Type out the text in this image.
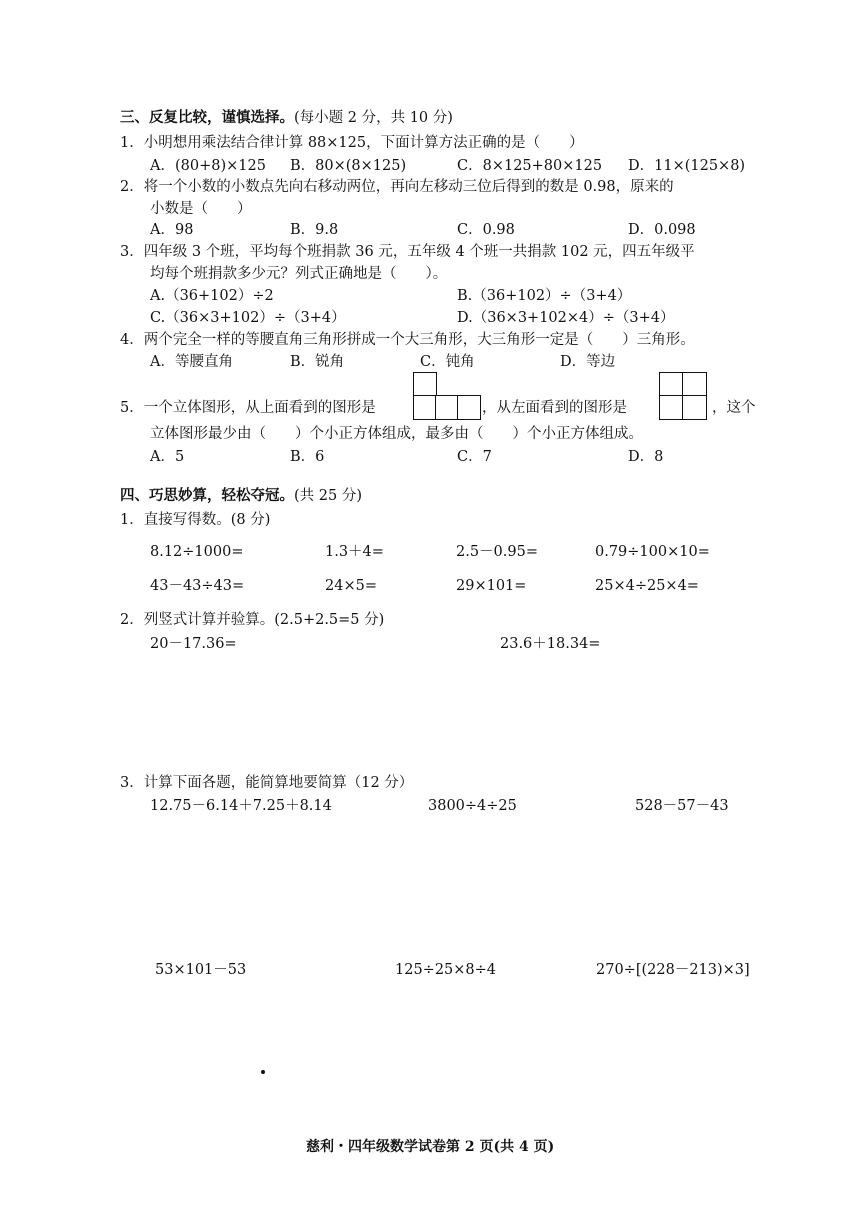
三、反复比较，谨慎选择。(每小题 2 分，共 10 分)
1．小明想用乘法结合律计算 88×125，下面计算方法正确的是（　　）
A．(80+8)×125 B．80×(8×125)	C．8×125+80×125 D．11×(125×8)
2．将一个小数的小数点先向右移动两位，再向左移动三位后得到的数是 0.98，原来的
小数是（　　）
A．98	B．9.8	C．0.98	D．0.098
3．四年级 3 个班，平均每个班捐款 36 元，五年级 4 个班一共捐款 102 元，四五年级平
均每个班捐款多少元？列式正确地是（　　）。
A.（36+102）÷2	B.（36+102）÷（3+4）
C.（36×3+102）÷（3+4）	D.（36×3+102×4）÷（3+4）
4．两个完全一样的等腰直角三角形拼成一个大三角形，大三角形一定是（　　）三角形。
A．等腰直角	B．锐角	C．钝角	D．等边
5．一个立体图形，从上面看到的图形是	，从左面看到的图形是	，这个
立体图形最少由（　　）个小正方体组成，最多由（　　）个小正方体组成。
A．5	B．6	C．7	D．8
四、巧思妙算，轻松夺冠。(共 25 分)
1．直接写得数。(8 分)
8.12÷1000=	1.3＋4=	2.5－0.95=	0.79÷100×10=
43－43÷43=	24×5=	29×101=	25×4÷25×4=
2．列竖式计算并验算。(2.5+2.5=5 分)
20－17.36=	23.6＋18.34=
3．计算下面各题，能简算地要简算（12 分）
12.75－6.14＋7.25＋8.14	3800÷4÷25	528－57－43
53×101－53	125÷25×8÷4	270÷[(228－213)×3]
慈利・四年级数学试卷第 2 页(共 4 页)
